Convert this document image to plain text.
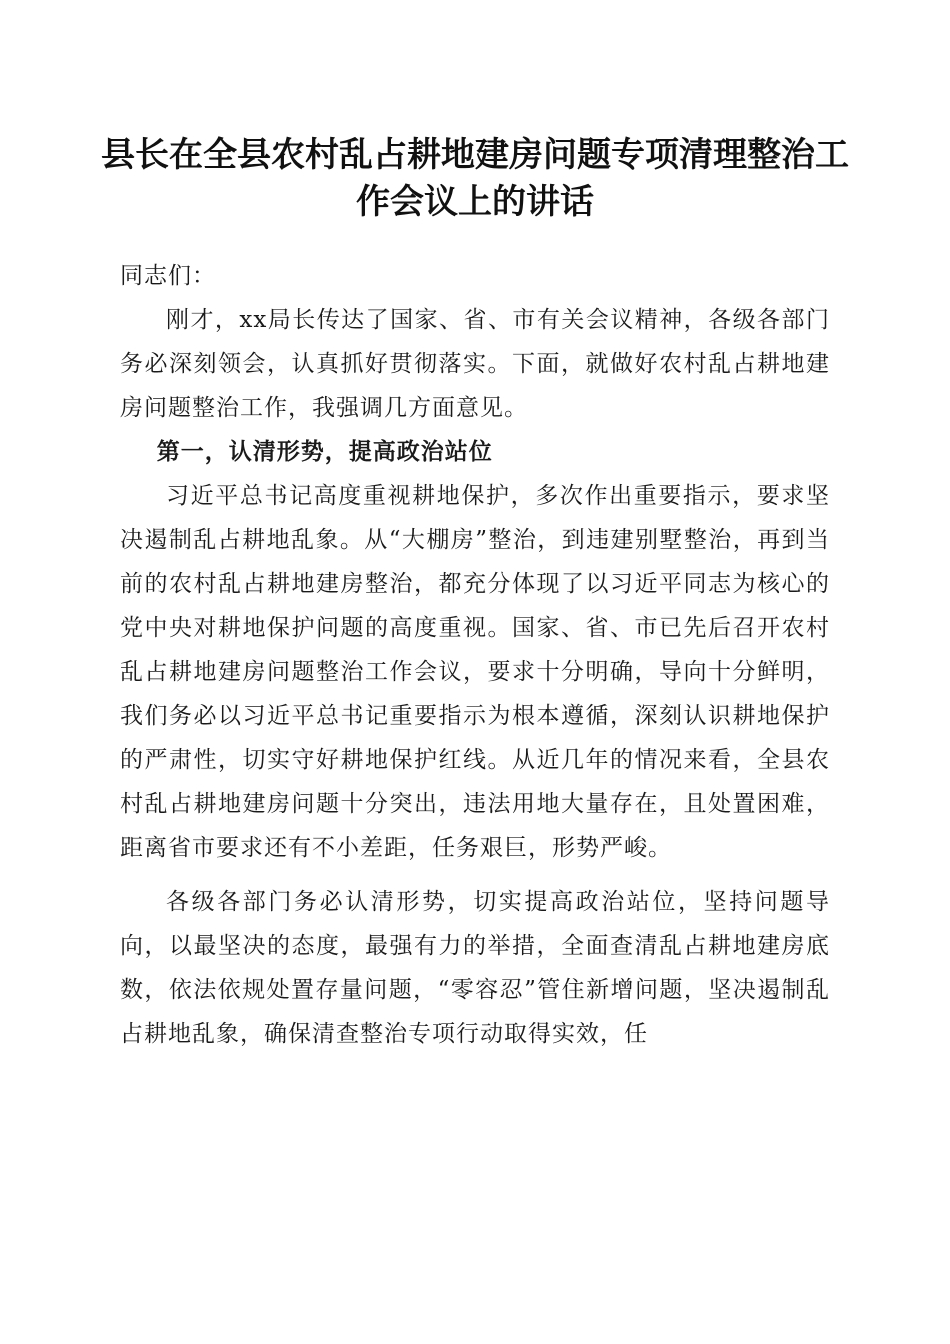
县长在全县农村乱占耕地建房问题专项清理整治工作会议上的讲话

同志们：

刚才，xx局长传达了国家、省、市有关会议精神，各级各部门务必深刻领会，认真抓好贯彻落实。下面，就做好农村乱占耕地建房问题整治工作，我强调几方面意见。

第一，认清形势，提高政治站位

习近平总书记高度重视耕地保护，多次作出重要指示，要求坚决遏制乱占耕地乱象。从“大棚房”整治，到违建别墅整治，再到当前的农村乱占耕地建房整治，都充分体现了以习近平同志为核心的党中央对耕地保护问题的高度重视。国家、省、市已先后召开农村乱占耕地建房问题整治工作会议，要求十分明确，导向十分鲜明，我们务必以习近平总书记重要指示为根本遵循，深刻认识耕地保护的严肃性，切实守好耕地保护红线。从近几年的情况来看，全县农村乱占耕地建房问题十分突出，违法用地大量存在，且处置困难，距离省市要求还有不小差距，任务艰巨，形势严峻。

各级各部门务必认清形势，切实提高政治站位，坚持问题导向，以最坚决的态度，最强有力的举措，全面查清乱占耕地建房底数，依法依规处置存量问题，“零容忍”管住新增问题，坚决遏制乱占耕地乱象，确保清查整治专项行动取得实效，任
